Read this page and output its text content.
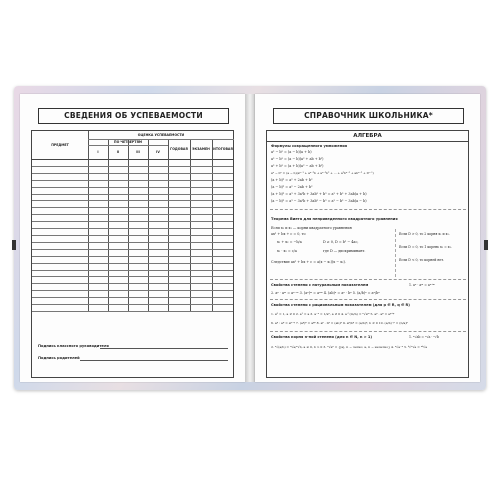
СВЕДЕНИЯ ОБ УСПЕВАЕМОСТИ
ПРЕДМЕТ
ОЦЕНКА УСПЕВАЕМОСТИ
ПО ЧЕТВЕРТЯМ
I	II	III	IV
ГОДОВАЯ	ЭКЗАМЕН	ИТОГОВАЯ
Подпись классного руководителя
Подпись родителей
СПРАВОЧНИК ШКОЛЬНИКА*
АЛГЕБРА
Формулы сокращенного умножения
a² − b² = (a − b)(a + b)
a³ − b³ = (a − b)(a² + ab + b²)
a³ + b³ = (a + b)(a² − ab + b²)
aⁿ − bⁿ = (a − b)(aⁿ⁻¹ + aⁿ⁻²b + aⁿ⁻³b² + ... + a²bⁿ⁻³ + abⁿ⁻² + bⁿ⁻¹)
(a + b)² = a² + 2ab + b²
(a − b)² = a² − 2ab + b²
(a + b)³ = a³ + 3a²b + 3ab² + b³ = a³ + b³ + 3ab(a + b)
(a − b)³ = a³ − 3a²b + 3ab² − b³ = a³ − b³ − 3ab(a − b)
Теорема Виета для неприведенного квадратного уравнения
Если x₁ и x₂ — корни квадратного уравнения
ax² + bx + c = 0, то
x₁ + x₂ = −b/a
x₁ · x₂ = c/a
D ≥ 0, D = b² − 4ac,
где D — дискриминант.
Следствие ax² + bx + c = a(x − x₁)(x − x₂).
Если D > 0, то 2 корня x₁ и x₂.
Если D = 0, то 1 корень x₁ = x₂.
Если D < 0, то корней нет.
Свойства степени с натуральным показателем	1. aⁿ · aᵐ = aⁿ⁺ᵐ
2. aⁿ · aᵐ = aⁿ⁻ᵐ 3. (aⁿ)ᵐ = aⁿᵐ 4. (ab)ⁿ = aⁿ · bⁿ 5. (a/b)ⁿ = aⁿ/bⁿ
Свойства степени с рациональным показателем (для p ∈ R, q ∈ R)
1. a⁰ = 1, a ≠ 0 2. a¹ = a 3. a⁻ⁿ = 1/aⁿ, a ≠ 0 4. a^(m/n) = ⁿ√aᵐ 5. aᵖ · aᵠ = aᵖ⁺ᵠ
6. aᵖ : aᵠ = aᵖ⁻ᵠ 7. (aᵖ)ᵠ = aᵖᵠ 8. aᵖ · bᵖ = (ab)ᵖ 9. aᵖ/bᵖ = (a/b)ᵖ, b ≠ 0 10. (a/b)⁻ᵖ = (b/a)ᵖ
Свойства корня n-ной степени (для n ∈ N, n > 1)	1. ⁿ√ab = ⁿ√a · ⁿ√b
2. ⁿ√(a/b) = ⁿ√a/ⁿ√b, a ≥ 0, b > 0 3. ⁿ√aⁿ = {|a|, n − четно; a, n − нечетно} 4. ⁿ√a⁻ⁿ 5. ᵏ√ⁿ√a = ⁿᵏ√a
